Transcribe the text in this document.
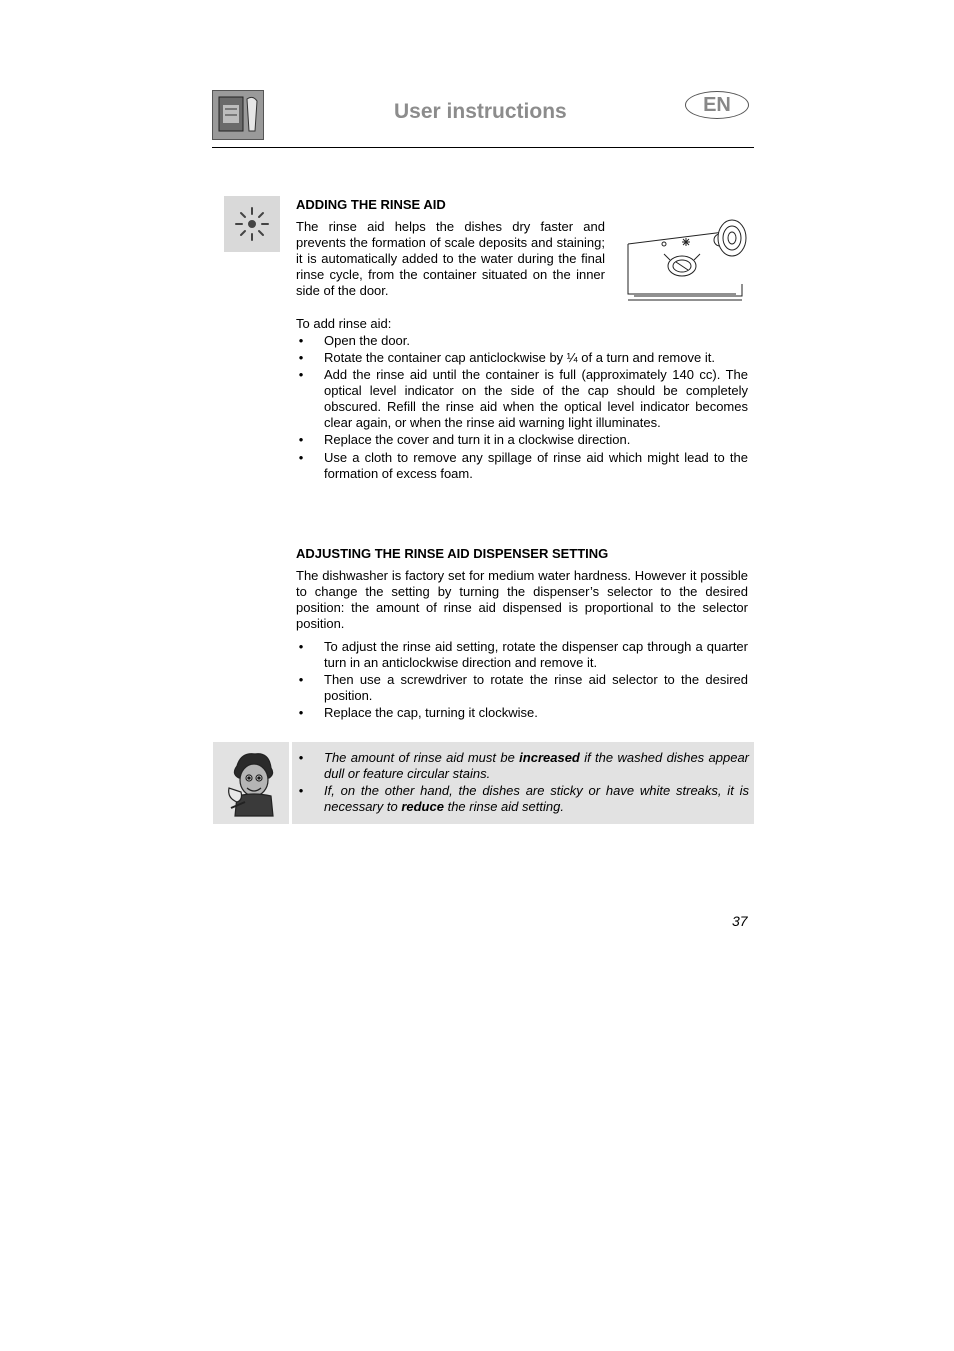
User instructions	EN
ADDING THE RINSE AID
The rinse aid helps the dishes dry faster and prevents the formation of scale deposits and staining; it is automatically added to the water during the final rinse cycle, from the container situated on the inner side of the door.
To add rinse aid:
• Open the door.
• Rotate the container cap anticlockwise by ¼ of a turn and remove it.
• Add the rinse aid until the container is full (approximately 140 cc). The optical level indicator on the side of the cap should be completely obscured. Refill the rinse aid when the optical level indicator becomes clear again, or when the rinse aid warning light illuminates.
• Replace the cover and turn it in a clockwise direction.
• Use a cloth to remove any spillage of rinse aid which might lead to the formation of excess foam.
ADJUSTING THE RINSE AID DISPENSER SETTING
The dishwasher is factory set for medium water hardness. However it possible to change the setting by turning the dispenser’s selector to the desired position: the amount of rinse aid dispensed is proportional to the selector position.
• To adjust the rinse aid setting, rotate the dispenser cap through a quarter turn in an anticlockwise direction and remove it.
• Then use a screwdriver to rotate the rinse aid selector to the desired position.
• Replace the cap, turning it clockwise.
• The amount of rinse aid must be increased if the washed dishes appear dull or feature circular stains.
• If, on the other hand, the dishes are sticky or have white streaks, it is necessary to reduce the rinse aid setting.
37
